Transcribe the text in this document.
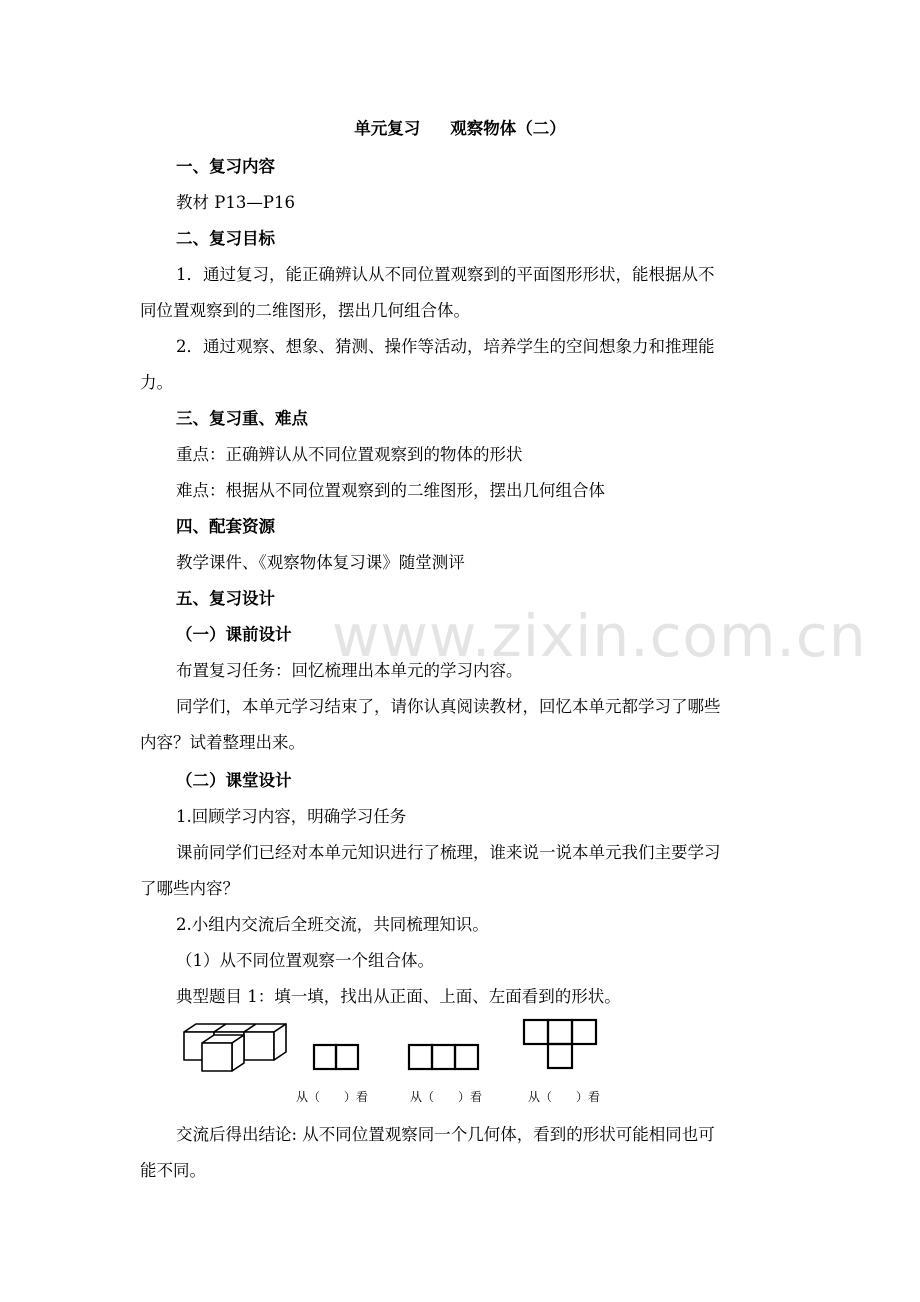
www.zixin.com.cn
单元复习 观察物体（二）
一、复习内容
教材 P13—P16
二、复习目标
1．通过复习，能正确辨认从不同位置观察到的平面图形形状，能根据从不
同位置观察到的二维图形，摆出几何组合体。
2．通过观察、想象、猜测、操作等活动，培养学生的空间想象力和推理能
力。
三、复习重、难点
重点：正确辨认从不同位置观察到的物体的形状
难点：根据从不同位置观察到的二维图形，摆出几何组合体
四、配套资源
教学课件、《观察物体复习课》随堂测评
五、复习设计
（一）课前设计
布置复习任务：回忆梳理出本单元的学习内容。
同学们，本单元学习结束了，请你认真阅读教材，回忆本单元都学习了哪些
内容？试着整理出来。
（二）课堂设计
1.回顾学习内容，明确学习任务
课前同学们已经对本单元知识进行了梳理，谁来说一说本单元我们主要学习
了哪些内容？
2.小组内交流后全班交流，共同梳理知识。
（1）从不同位置观察一个组合体。
典型题目 1：填一填，找出从正面、上面、左面看到的形状。
从（　　）看	从（　　）看	从（　　）看
交流后得出结论: 从不同位置观察同一个几何体，看到的形状可能相同也可
能不同。
